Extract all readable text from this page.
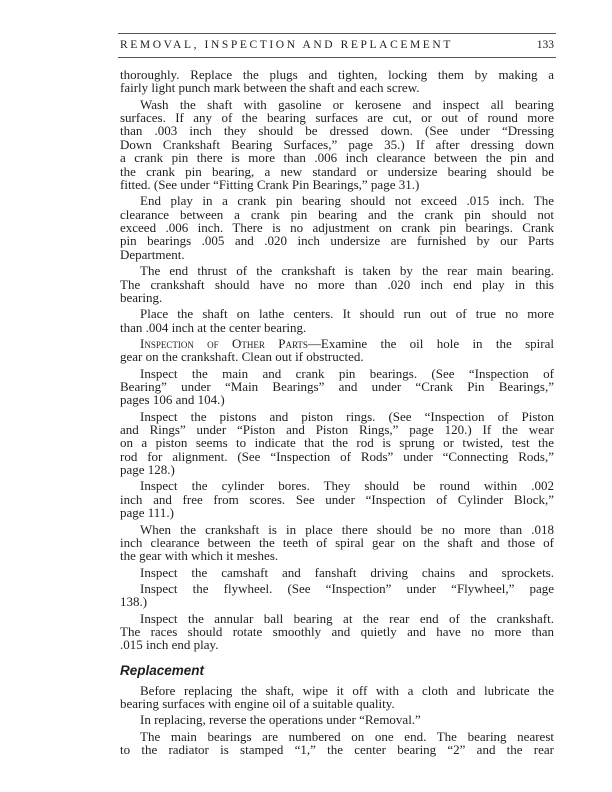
REMOVAL, INSPECTION AND REPLACEMENT	133
thoroughly. Replace the plugs and tighten, locking them by making a
fairly light punch mark between the shaft and each screw.
Wash the shaft with gasoline or kerosene and inspect all bearing
surfaces. If any of the bearing surfaces are cut, or out of round more
than .003 inch they should be dressed down. (See under “Dressing
Down Crankshaft Bearing Surfaces,” page 35.) If after dressing down
a crank pin there is more than .006 inch clearance between the pin and
the crank pin bearing, a new standard or undersize bearing should be
fitted. (See under “Fitting Crank Pin Bearings,” page 31.)
End play in a crank pin bearing should not exceed .015 inch. The
clearance between a crank pin bearing and the crank pin should not
exceed .006 inch. There is no adjustment on crank pin bearings. Crank
pin bearings .005 and .020 inch undersize are furnished by our Parts
Department.
The end thrust of the crankshaft is taken by the rear main bearing.
The crankshaft should have no more than .020 inch end play in this
bearing.
Place the shaft on lathe centers. It should run out of true no more
than .004 inch at the center bearing.
Inspection of Other Parts—Examine the oil hole in the spiral
gear on the crankshaft. Clean out if obstructed.
Inspect the main and crank pin bearings. (See “Inspection of
Bearing” under “Main Bearings” and under “Crank Pin Bearings,”
pages 106 and 104.)
Inspect the pistons and piston rings. (See “Inspection of Piston
and Rings” under “Piston and Piston Rings,” page 120.) If the wear
on a piston seems to indicate that the rod is sprung or twisted, test the
rod for alignment. (See “Inspection of Rods” under “Connecting Rods,”
page 128.)
Inspect the cylinder bores. They should be round within .002
inch and free from scores. See under “Inspection of Cylinder Block,”
page 111.)
When the crankshaft is in place there should be no more than .018
inch clearance between the teeth of spiral gear on the shaft and those of
the gear with which it meshes.
Inspect the camshaft and fanshaft driving chains and sprockets.
Inspect the flywheel. (See “Inspection” under “Flywheel,” page
138.)
Inspect the annular ball bearing at the rear end of the crankshaft.
The races should rotate smoothly and quietly and have no more than
.015 inch end play.
Replacement
Before replacing the shaft, wipe it off with a cloth and lubricate the
bearing surfaces with engine oil of a suitable quality.
In replacing, reverse the operations under “Removal.”
The main bearings are numbered on one end. The bearing nearest
to the radiator is stamped “1,” the center bearing “2” and the rear
